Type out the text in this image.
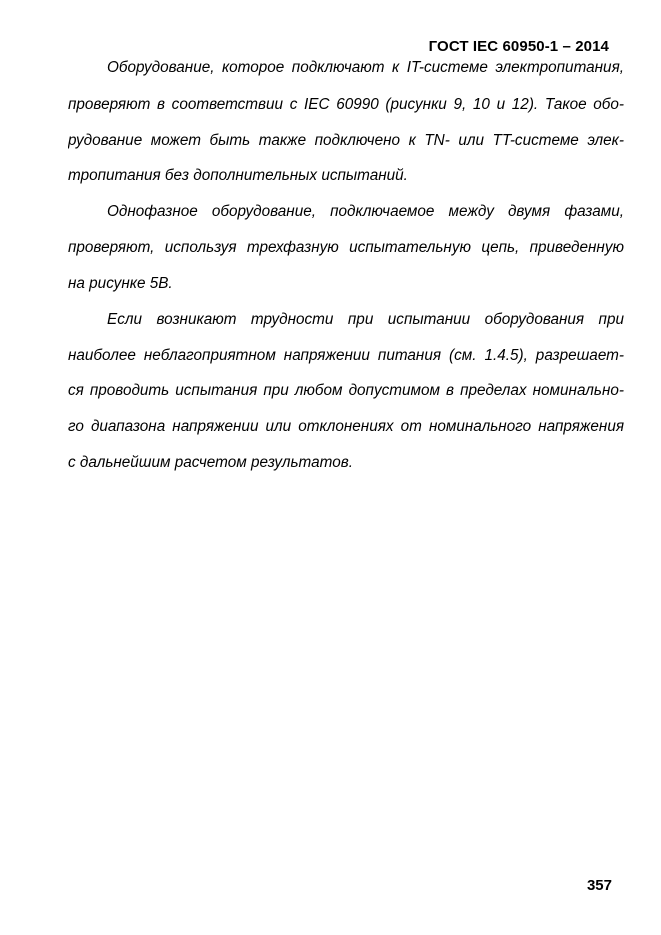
ГОСТ IEC 60950-1 – 2014
Оборудование, которое подключают к IT-системе электропитания,
проверяют в соответствии с IEC 60990 (рисунки 9, 10 и 12). Такое обо-
рудование может быть также подключено к TN- или TT-системе элек-
тропитания без дополнительных испытаний.
Однофазное оборудование, подключаемое между двумя фазами,
проверяют, используя трехфазную испытательную цепь, приведенную
на рисунке 5В.
Если возникают трудности при испытании оборудования при
наиболее неблагоприятном напряжении питания (см. 1.4.5), разрешает-
ся проводить испытания при любом допустимом в пределах номинально-
го диапазона напряжении или отклонениях от номинального напряжения
с дальнейшим расчетом результатов.
357
